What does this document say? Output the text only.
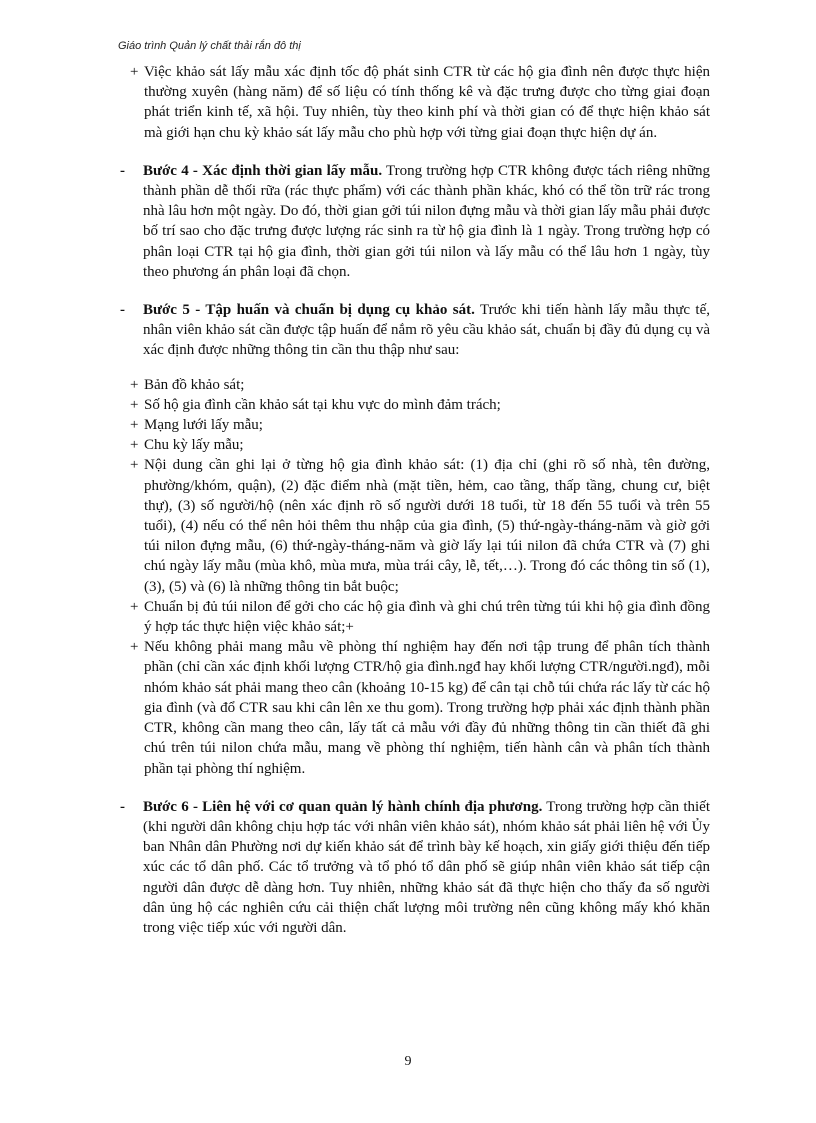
Giáo trình Quản lý chất thải rắn đô thị
+ Việc khảo sát lấy mẫu xác định tốc độ phát sinh CTR từ các hộ gia đình nên được thực hiện thường xuyên (hàng năm) để số liệu có tính thống kê và đặc trưng được cho từng giai đoạn phát triển kinh tế, xã hội. Tuy nhiên, tùy theo kinh phí và thời gian có để thực hiện khảo sát mà giới hạn chu kỳ khảo sát lấy mẫu cho phù hợp với từng giai đoạn thực hiện dự án.
- Bước 4 - Xác định thời gian lấy mẫu. Trong trường hợp CTR không được tách riêng những thành phần dễ thối rữa (rác thực phẩm) với các thành phần khác, khó có thể tồn trữ rác trong nhà lâu hơn một ngày. Do đó, thời gian gởi túi nilon đựng mẫu và thời gian lấy mẫu phải được bố trí sao cho đặc trưng được lượng rác sinh ra từ hộ gia đình là 1 ngày. Trong trường hợp có phân loại CTR tại hộ gia đình, thời gian gởi túi nilon và lấy mẫu có thể lâu hơn 1 ngày, tùy theo phương án phân loại đã chọn.
- Bước 5 - Tập huấn và chuẩn bị dụng cụ khảo sát. Trước khi tiến hành lấy mẫu thực tế, nhân viên khảo sát cần được tập huấn để nắm rõ yêu cầu khảo sát, chuẩn bị đầy đủ dụng cụ và xác định được những thông tin cần thu thập như sau:
+ Bản đồ khảo sát;
+ Số hộ gia đình cần khảo sát tại khu vực do mình đảm trách;
+ Mạng lưới lấy mẫu;
+ Chu kỳ lấy mẫu;
+ Nội dung cần ghi lại ở từng hộ gia đình khảo sát: (1) địa chỉ (ghi rõ số nhà, tên đường, phường/khóm, quận), (2) đặc điểm nhà (mặt tiền, hẻm, cao tầng, thấp tầng, chung cư, biệt thự), (3) số người/hộ (nên xác định rõ số người dưới 18 tuổi, từ 18 đến 55 tuổi và trên 55 tuổi), (4) nếu có thể nên hỏi thêm thu nhập của gia đình, (5) thứ-ngày-tháng-năm và giờ gởi túi nilon đựng mẫu, (6) thứ-ngày-tháng-năm và giờ lấy lại túi nilon đã chứa CTR và (7) ghi chú ngày lấy mẫu (mùa khô, mùa mưa, mùa trái cây, lễ, tết,…). Trong đó các thông tin số (1), (3), (5) và (6) là những thông tin bắt buộc;
+ Chuẩn bị đủ túi nilon để gởi cho các hộ gia đình và ghi chú trên từng túi khi hộ gia đình đồng ý hợp tác thực hiện việc khảo sát;+
+ Nếu không phải mang mẫu về phòng thí nghiệm hay đến nơi tập trung để phân tích thành phần (chỉ cần xác định khối lượng CTR/hộ gia đình.ngđ hay khối lượng CTR/người.ngđ), mỗi nhóm khảo sát phải mang theo cân (khoảng 10-15 kg) để cân tại chỗ túi chứa rác lấy từ các hộ gia đình (và đổ CTR sau khi cân lên xe thu gom). Trong trường hợp phải xác định thành phần CTR, không cần mang theo cân, lấy tất cả mẫu với đầy đủ những thông tin cần thiết đã ghi chú trên túi nilon chứa mẫu, mang về phòng thí nghiệm, tiến hành cân và phân tích thành phần tại phòng thí nghiệm.
- Bước 6 - Liên hệ với cơ quan quản lý hành chính địa phương. Trong trường hợp cần thiết (khi người dân không chịu hợp tác với nhân viên khảo sát), nhóm khảo sát phải liên hệ với Ủy ban Nhân dân Phường nơi dự kiến khảo sát để trình bày kế hoạch, xin giấy giới thiệu đến tiếp xúc các tổ dân phố. Các tổ trưởng và tổ phó tổ dân phố sẽ giúp nhân viên khảo sát tiếp cận người dân được dễ dàng hơn. Tuy nhiên, những khảo sát đã thực hiện cho thấy đa số người dân ủng hộ các nghiên cứu cải thiện chất lượng môi trường nên cũng không mấy khó khăn trong việc tiếp xúc với người dân.
9
